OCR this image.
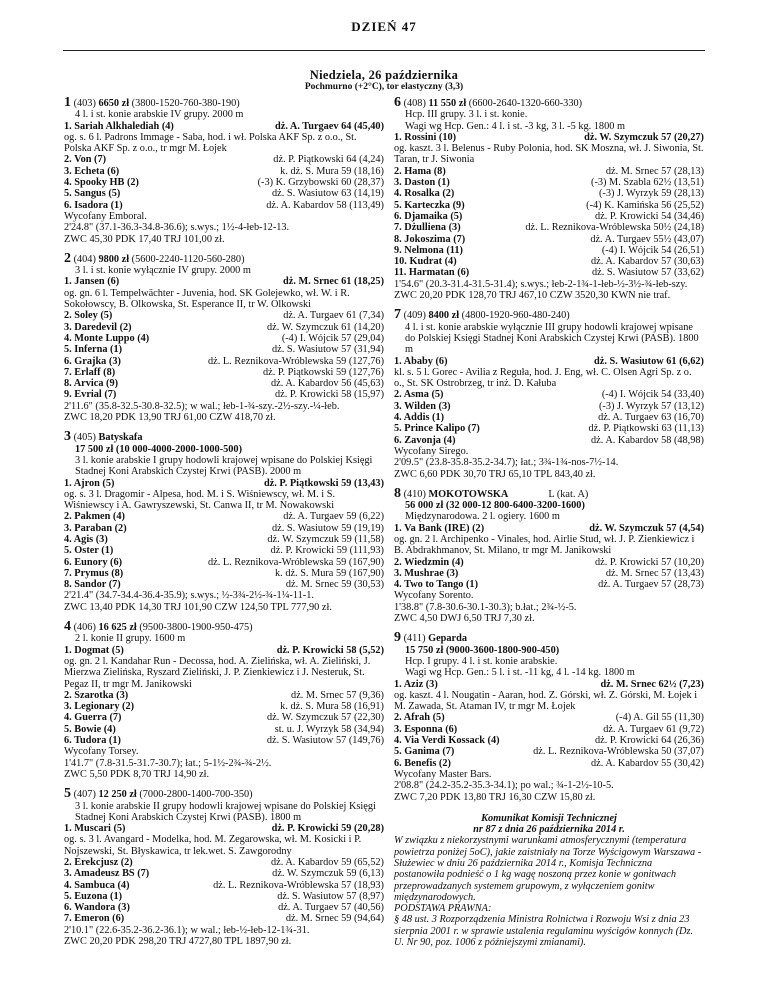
DZIEŃ 47
Niedziela, 26 października
Pochmurno (+2°C), tor elastyczny (3,3)
1 (403) 6650 zł (3800-1520-760-380-190)
4 l. i st. konie arabskie IV grupy. 2000 m
1. Sariah Alkhalediah (4)	dż. A. Turgaev 64 (45,40)
og. s. 6 l. Padrons Immage - Saba, hod. i wł. Polska AKF Sp. z o.o., St. Polska AKF Sp. z o.o., tr mgr M. Łojek
2. Von (7)	dż. P. Piątkowski 64 (4,24)
3. Echeta (6)	k. dż. S. Mura 59 (18,16)
4. Spooky HB (2)	(-3) K. Grzybowski 60 (28,37)
5. Sangus (5)	dż. S. Wasiutow 63 (14,19)
6. Isadora (1)	dż. A. Kabardov 58 (113,49)
Wycofany Emboral.
2'24.8" (37.1-36.3-34.8-36.6); s.wys.; 1½-4-łeb-12-13.
ZWC 45,30 PDK 17,40 TRJ 101,00 zł.
2 (404) 9800 zł (5600-2240-1120-560-280)
3 l. i st. konie wyłącznie IV grupy. 2000 m
1. Jansen (6)	dż. M. Srnec 61 (18,25)
og. gn. 6 l. Tempelwächter - Juvenia, hod. SK Golejewko, wł. W. i R. Sokołowscy, B. Olkowska, St. Esperance II, tr W. Olkowski
2. Soley (5)	dż. A. Turgaev 61 (7,34)
3. Daredevil (2)	dż. W. Szymczuk 61 (14,20)
4. Monte Luppo (4)	(-4) I. Wójcik 57 (29,04)
5. Inferna (1)	dż. S. Wasiutow 57 (31,94)
6. Grajka (3)	dż. L. Reznikova-Wróblewska 59 (127,76)
7. Erlaff (8)	dż. P. Piątkowski 59 (127,76)
8. Arvica (9)	dż. A. Kabardov 56 (45,63)
9. Evrial (7)	dż. P. Krowicki 58 (15,97)
2'11.6" (35.8-32.5-30.8-32.5); w wal.; łeb-1-¾-szy.-2½-szy.-¼-łeb.
ZWC 18,20 PDK 13,90 TRJ 61,00 CZW 418,70 zł.
3 (405) Batyskafa
17 500 zł (10 000-4000-2000-1000-500)
3 l. konie arabskie I grupy hodowli krajowej wpisane do Polskiej Księgi Stadnej Koni Arabskich Czystej Krwi (PASB). 2000 m
1. Ajron (5)	dż. P. Piątkowski 59 (13,43)
og. s. 3 l. Dragomir - Alpesa, hod. M. i S. Wiśniewscy, wł. M. i S. Wiśniewscy i A. Gawryszewski, St. Canwa II, tr M. Nowakowski
2. Pakmen (4)	dż. A. Turgaev 59 (6,22)
3. Paraban (2)	dż. S. Wasiutow 59 (19,19)
4. Agis (3)	dż. W. Szymczuk 59 (11,58)
5. Oster (1)	dż. P. Krowicki 59 (111,93)
6. Eunory (6)	dż. L. Reznikova-Wróblewska 59 (167,90)
7. Prymus (8)	k. dż. S. Mura 59 (167,90)
8. Sandor (7)	dż. M. Srnec 59 (30,53)
2'21.4" (34.7-34.4-36.4-35.9); s.wys.; ½-3¾-2½-¾-1¼-11-1.
ZWC 13,40 PDK 14,30 TRJ 101,90 CZW 124,50 TPL 777,90 zł.
4 (406) 16 625 zł (9500-3800-1900-950-475)
2 l. konie II grupy. 1600 m
1. Dogmat (5)	dż. P. Krowicki 58 (5,52)
og. gn. 2 l. Kandahar Run - Decossa, hod. A. Zielińska, wł. A. Zieliński, J. Mierzwa Zielińska, Ryszard Zieliński, J. P. Zienkiewicz i J. Nesteruk, St. Pegaz II, tr mgr M. Janikowski
2. Szarotka (3)	dż. M. Srnec 57 (9,36)
3. Legionary (2)	k. dż. S. Mura 58 (16,91)
4. Guerra (7)	dż. W. Szymczuk 57 (22,30)
5. Bowie (4)	st. u. J. Wyrzyk 58 (34,94)
6. Tudora (1)	dż. S. Wasiutow 57 (149,76)
Wycofany Torsey.
1'41.7" (7.8-31.5-31.7-30.7); łat.; 5-1½-2¾-¾-2½.
ZWC 5,50 PDK 8,70 TRJ 14,90 zł.
5 (407) 12 250 zł (7000-2800-1400-700-350)
3 l. konie arabskie II grupy hodowli krajowej wpisane do Polskiej Księgi Stadnej Koni Arabskich Czystej Krwi (PASB). 1800 m
1. Muscari (5)	dż. P. Krowicki 59 (20,28)
og. s. 3 l. Avangard - Modelka, hod. M. Zegarowska, wł. M. Kosicki i P. Nojszewski, St. Błyskawica, tr lek.wet. S. Zawgorodny
2. Erekcjusz (2)	dż. A. Kabardov 59 (65,52)
3. Amadeusz BS (7)	dż. W. Szymczuk 59 (6,13)
4. Sambuca (4)	dż. L. Reznikova-Wróblewska 57 (18,93)
5. Euzona (1)	dż. S. Wasiutow 57 (8,97)
6. Wandora (3)	dż. A. Turgaev 57 (40,56)
7. Emeron (6)	dż. M. Srnec 59 (94,64)
2'10.1" (22.6-35.2-36.2-36.1); w wal.; łeb-½-łeb-12-1¾-31.
ZWC 20,20 PDK 298,20 TRJ 4727,80 TPL 1897,90 zł.
6 (408) 11 550 zł (6600-2640-1320-660-330)
Hcp. III grupy. 3 l. i st. konie.
Wagi wg Hcp. Gen.: 4 l. i st. -3 kg, 3 l. -5 kg. 1800 m
1. Rossini (10)	dż. W. Szymczuk 57 (20,27)
og. kaszt. 3 l. Belenus - Ruby Polonia, hod. SK Moszna, wł. J. Siwonia, St. Taran, tr J. Siwonia
2. Hama (8)	dż. M. Srnec 57 (28,13)
3. Daston (1)	(-3) M. Szabla 62½ (13,51)
4. Rosalka (2)	(-3) J. Wyrzyk 59 (28,13)
5. Karteczka (9)	(-4) K. Kamińska 56 (25,52)
6. Djamaika (5)	dż. P. Krowicki 54 (34,46)
7. Dżulliena (3)	dż. L. Reznikova-Wróblewska 50½ (24,18)
8. Jokoszima (7)	dż. A. Turgaev 55½ (43,07)
9. Nelmona (11)	(-4) I. Wójcik 54 (26,51)
10. Kudrat (4)	dż. A. Kabardov 57 (30,63)
11. Harmatan (6)	dż. S. Wasiutow 57 (33,62)
1'54.6" (20.3-31.4-31.5-31.4); s.wys.; łeb-2-1¾-1-łeb-½-3½-¾-łeb-szy.
ZWC 20,20 PDK 128,70 TRJ 467,10 CZW 3520,30 KWN nie traf.
7 (409) 8400 zł (4800-1920-960-480-240)
4 l. i st. konie arabskie wyłącznie III grupy hodowli krajowej wpisane do Polskiej Księgi Stadnej Koni Arabskich Czystej Krwi (PASB). 1800 m
1. Ababy (6)	dż. S. Wasiutow 61 (6,62)
kl. s. 5 l. Gorec - Avilia z Reguła, hod. J. Eng, wł. C. Olsen Agri Sp. z o. o., St. SK Ostrobrzeg, tr inż. D. Kałuba
2. Asma (5)	(-4) I. Wójcik 54 (33,40)
3. Wilden (3)	(-3) J. Wyrzyk 57 (13,12)
4. Addis (1)	dż. A. Turgaev 63 (16,70)
5. Prince Kalipo (7)	dż. P. Piątkowski 63 (11,13)
6. Zavonja (4)	dż. A. Kabardov 58 (48,98)
Wycofany Sirego.
2'09.5" (23.8-35.8-35.2-34.7); łat.; 3¾-1¾-nos-7½-14.
ZWC 6,60 PDK 30,70 TRJ 65,10 TPL 843,40 zł.
8 (410) MOKOTOWSKA	L (kat. A)
56 000 zł (32 000-12 800-6400-3200-1600)
Międzynarodowa. 2 l. ogiery. 1600 m
1. Va Bank (IRE) (2)	dż. W. Szymczuk 57 (4,54)
og. gn. 2 l. Archipenko - Vinales, hod. Airlie Stud, wł. J. P. Zienkiewicz i B. Abdrakhmanov, St. Milano, tr mgr M. Janikowski
2. Wiedzmin (4)	dż. P. Krowicki 57 (10,20)
3. Mushrae (3)	dż. M. Srnec 57 (13,43)
4. Two to Tango (1)	dż. A. Turgaev 57 (28,73)
Wycofany Sorento.
1'38.8" (7.8-30.6-30.1-30.3); b.łat.; 2¾-½-5.
ZWC 4,50 DWJ 6,50 TRJ 7,30 zł.
9 (411) Geparda
15 750 zł (9000-3600-1800-900-450)
Hcp. I grupy. 4 l. i st. konie arabskie.
Wagi wg Hcp. Gen.: 5 l. i st. -11 kg, 4 l. -14 kg. 1800 m
1. Aziz (3)	dż. M. Srnec 62½ (7,23)
og. kaszt. 4 l. Nougatin - Aaran, hod. Z. Górski, wł. Z. Górski, M. Łojek i M. Zawada, St. Ataman IV, tr mgr M. Łojek
2. Afrah (5)	(-4) A. Gil 55 (11,30)
3. Esponna (6)	dż. A. Turgaev 61 (9,72)
4. Via Verdi Kossack (4)	dż. P. Krowicki 64 (26,36)
5. Ganima (7)	dż. L. Reznikova-Wróblewska 50 (37,07)
6. Benefis (2)	dż. A. Kabardov 55 (30,42)
Wycofany Master Bars.
2'08.8" (24.2-35.2-35.3-34.1); po wal.; ¾-1-2½-10-5.
ZWC 7,20 PDK 13,80 TRJ 16,30 CZW 15,80 zł.
Komunikat Komisji Technicznej
nr 87 z dnia 26 października 2014 r.

W związku z niekorzystnymi warunkami atmosferycznymi (temperatura powietrza poniżej 5oC), jakie zaistniały na Torze Wyścigowym Warszawa - Służewiec w dniu 26 października 2014 r., Komisja Techniczna postanowiła podnieść o 1 kg wagę noszoną przez konie w gonitwach przeprowadzanych systemem grupowym, z wyłączeniem gonitw międzynarodowych.

PODSTAWA PRAWNA:

§ 48 ust. 3 Rozporządzenia Ministra Rolnictwa i Rozwoju Wsi z dnia 23 sierpnia 2001 r. w sprawie ustalenia regulaminu wyścigów konnych (Dz. U. Nr 90, poz. 1006 z późniejszymi zmianami).
